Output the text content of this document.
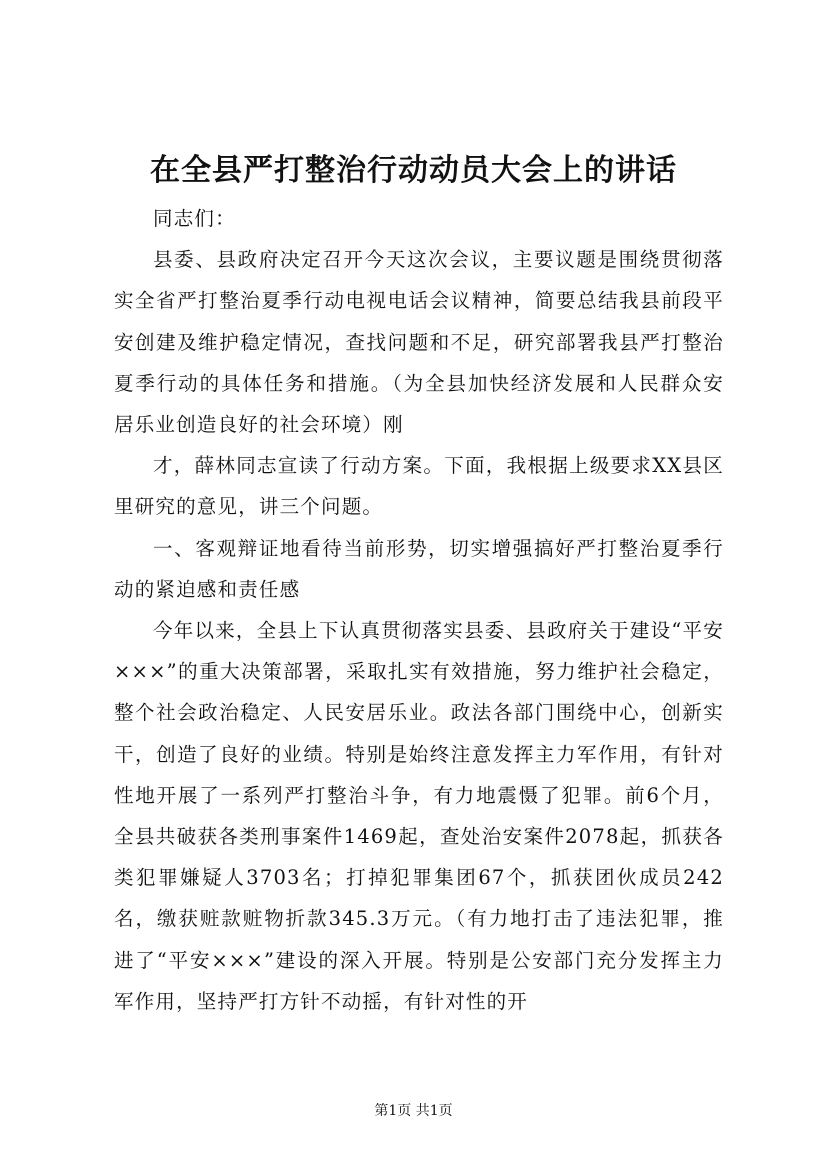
在全县严打整治行动动员大会上的讲话

同志们：

县委、县政府决定召开今天这次会议，主要议题是围绕贯彻落实全省严打整治夏季行动电视电话会议精神，简要总结我县前段平安创建及维护稳定情况，查找问题和不足，研究部署我县严打整治夏季行动的具体任务和措施。（为全县加快经济发展和人民群众安居乐业创造良好的社会环境）刚

才，薛林同志宣读了行动方案。下面，我根据上级要求XX县区里研究的意见，讲三个问题。

一、客观辩证地看待当前形势，切实增强搞好严打整治夏季行动的紧迫感和责任感

今年以来，全县上下认真贯彻落实县委、县政府关于建设“平安×××”的重大决策部署，采取扎实有效措施，努力维护社会稳定，整个社会政治稳定、人民安居乐业。政法各部门围绕中心，创新实干，创造了良好的业绩。特别是始终注意发挥主力军作用，有针对性地开展了一系列严打整治斗争，有力地震慑了犯罪。前6个月，全县共破获各类刑事案件1469起，查处治安案件2078起，抓获各类犯罪嫌疑人3703名；打掉犯罪集团67个，抓获团伙成员242名，缴获赃款赃物折款345.3万元。（有力地打击了违法犯罪，推进了“平安×××”建设的深入开展。特别是公安部门充分发挥主力军作用，坚持严打方针不动摇，有针对性的开

第1页 共1页
